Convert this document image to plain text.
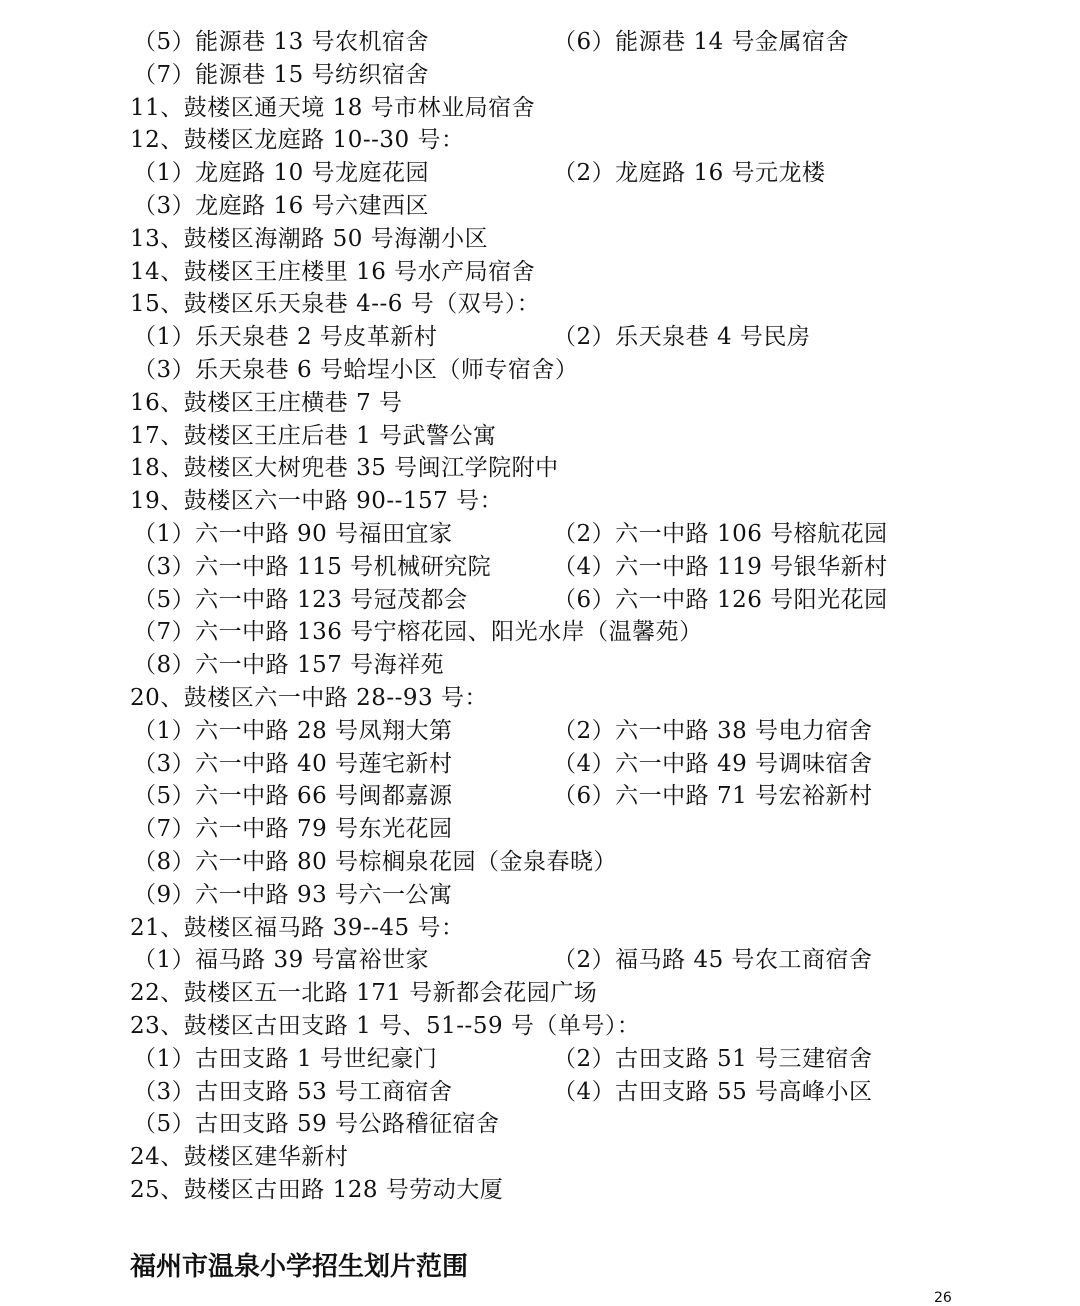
（5）能源巷 13 号农机宿舍	（6）能源巷 14 号金属宿舍
（7）能源巷 15 号纺织宿舍
11、鼓楼区通天境 18 号市林业局宿舍
12、鼓楼区龙庭路 10--30 号：
（1）龙庭路 10 号龙庭花园	（2）龙庭路 16 号元龙楼
（3）龙庭路 16 号六建西区
13、鼓楼区海潮路 50 号海潮小区
14、鼓楼区王庄楼里 16 号水产局宿舍
15、鼓楼区乐天泉巷 4--6 号（双号）：
（1）乐天泉巷 2 号皮革新村	（2）乐天泉巷 4 号民房
（3）乐天泉巷 6 号蛤埕小区（师专宿舍）
16、鼓楼区王庄横巷 7 号
17、鼓楼区王庄后巷 1 号武警公寓
18、鼓楼区大树兜巷 35 号闽江学院附中
19、鼓楼区六一中路 90--157 号：
（1）六一中路 90 号福田宜家	（2）六一中路 106 号榕航花园
（3）六一中路 115 号机械研究院	（4）六一中路 119 号银华新村
（5）六一中路 123 号冠茂都会	（6）六一中路 126 号阳光花园
（7）六一中路 136 号宁榕花园、阳光水岸（温馨苑）
（8）六一中路 157 号海祥苑
20、鼓楼区六一中路 28--93 号：
（1）六一中路 28 号凤翔大第	（2）六一中路 38 号电力宿舍
（3）六一中路 40 号莲宅新村	（4）六一中路 49 号调味宿舍
（5）六一中路 66 号闽都嘉源	（6）六一中路 71 号宏裕新村
（7）六一中路 79 号东光花园
（8）六一中路 80 号棕榈泉花园（金泉春晓）
（9）六一中路 93 号六一公寓
21、鼓楼区福马路 39--45 号：
（1）福马路 39 号富裕世家	（2）福马路 45 号农工商宿舍
22、鼓楼区五一北路 171 号新都会花园广场
23、鼓楼区古田支路 1 号、51--59 号（单号）：
（1）古田支路 1 号世纪豪门	（2）古田支路 51 号三建宿舍
（3）古田支路 53 号工商宿舍	（4）古田支路 55 号高峰小区
（5）古田支路 59 号公路稽征宿舍
24、鼓楼区建华新村
25、鼓楼区古田路 128 号劳动大厦
福州市温泉小学招生划片范围
26
